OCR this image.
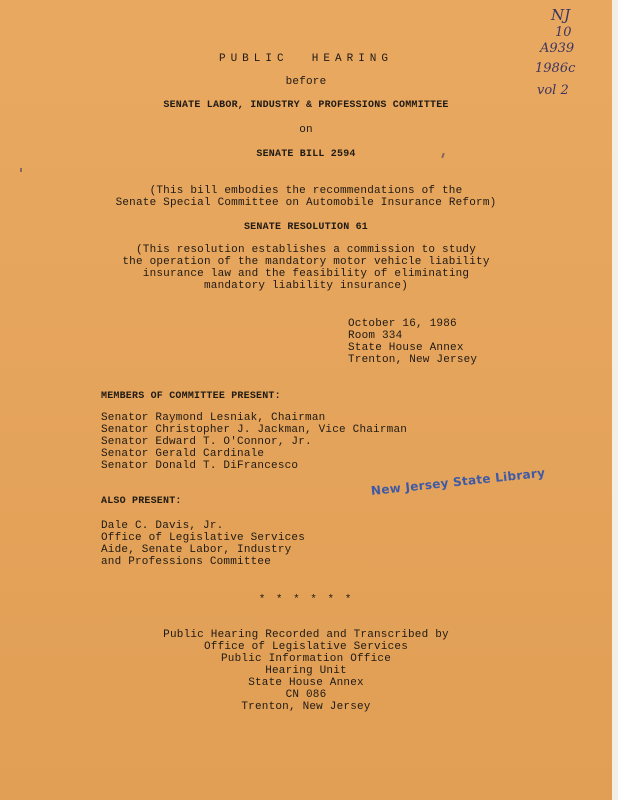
NJ
10
A939
1986c
vol 2
PUBLIC  HEARING
before
SENATE LABOR, INDUSTRY & PROFESSIONS COMMITTEE
on
SENATE BILL 2594
(This bill embodies the recommendations of the
Senate Special Committee on Automobile Insurance Reform)
SENATE RESOLUTION 61
(This resolution establishes a commission to study
the operation of the mandatory motor vehicle liability
insurance law and the feasibility of eliminating
mandatory liability insurance)
October 16, 1986
Room 334
State House Annex
Trenton, New Jersey
MEMBERS OF COMMITTEE PRESENT:
Senator Raymond Lesniak, Chairman
Senator Christopher J. Jackman, Vice Chairman
Senator Edward T. O'Connor, Jr.
Senator Gerald Cardinale
Senator Donald T. DiFrancesco
ALSO PRESENT:
Dale C. Davis, Jr.
Office of Legislative Services
Aide, Senate Labor, Industry
and Professions Committee
New Jersey State Library
* * * * * *
Public Hearing Recorded and Transcribed by
Office of Legislative Services
Public Information Office
Hearing Unit
State House Annex
CN 086
Trenton, New Jersey
